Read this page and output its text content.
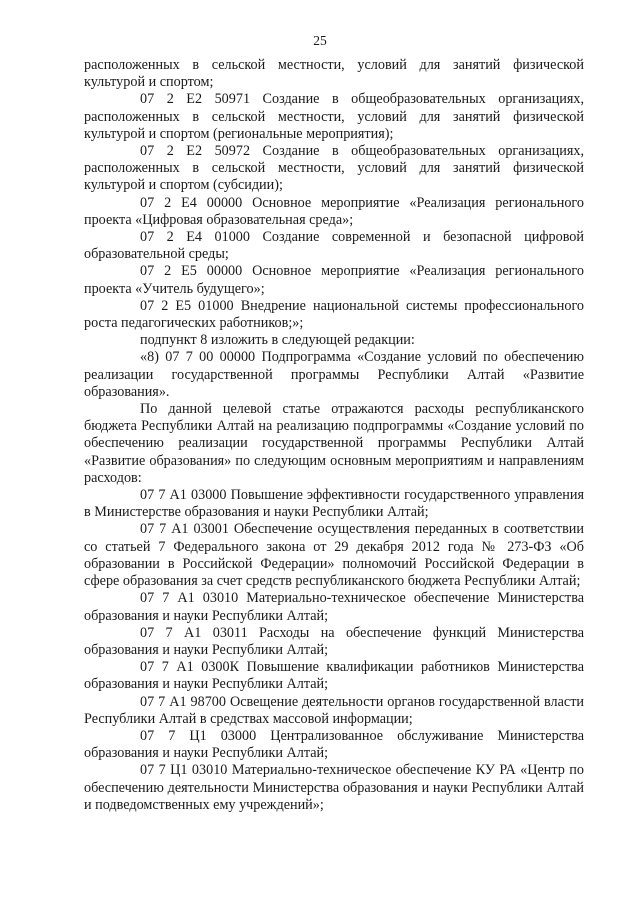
25

расположенных в сельской местности, условий для занятий физической культурой и спортом;

07 2 Е2 50971 Создание в общеобразовательных организациях, расположенных в сельской местности, условий для занятий физической культурой и спортом (региональные мероприятия);

07 2 Е2 50972 Создание в общеобразовательных организациях, расположенных в сельской местности, условий для занятий физической культурой и спортом (субсидии);

07 2 Е4 00000 Основное мероприятие «Реализация регионального проекта «Цифровая образовательная среда»;

07 2 Е4 01000 Создание современной и безопасной цифровой образовательной среды;

07 2 Е5 00000 Основное мероприятие «Реализация регионального проекта «Учитель будущего»;

07 2 Е5 01000 Внедрение национальной системы профессионального роста педагогических работников;»;

подпункт 8 изложить в следующей редакции:

«8) 07 7 00 00000 Подпрограмма «Создание условий по обеспечению реализации государственной программы Республики Алтай «Развитие образования».

По данной целевой статье отражаются расходы республиканского бюджета Республики Алтай на реализацию подпрограммы «Создание условий по обеспечению реализации государственной программы Республики Алтай «Развитие образования» по следующим основным мероприятиям и направлениям расходов:

07 7 А1 03000 Повышение эффективности государственного управления в Министерстве образования и науки Республики Алтай;

07 7 А1 03001 Обеспечение осуществления переданных в соответствии со статьей 7 Федерального закона от 29 декабря 2012 года № 273-ФЗ «Об образовании в Российской Федерации» полномочий Российской Федерации в сфере образования за счет средств республиканского бюджета Республики Алтай;

07 7 А1 03010 Материально-техническое обеспечение Министерства образования и науки Республики Алтай;

07 7 А1 03011 Расходы на обеспечение функций Министерства образования и науки Республики Алтай;

07 7 А1 0300К Повышение квалификации работников Министерства образования и науки Республики Алтай;

07 7 А1 98700 Освещение деятельности органов государственной власти Республики Алтай в средствах массовой информации;

07 7 Ц1 03000 Централизованное обслуживание Министерства образования и науки Республики Алтай;

07 7 Ц1 03010 Материально-техническое обеспечение КУ РА «Центр по обеспечению деятельности Министерства образования и науки Республики Алтай и подведомственных ему учреждений»;
